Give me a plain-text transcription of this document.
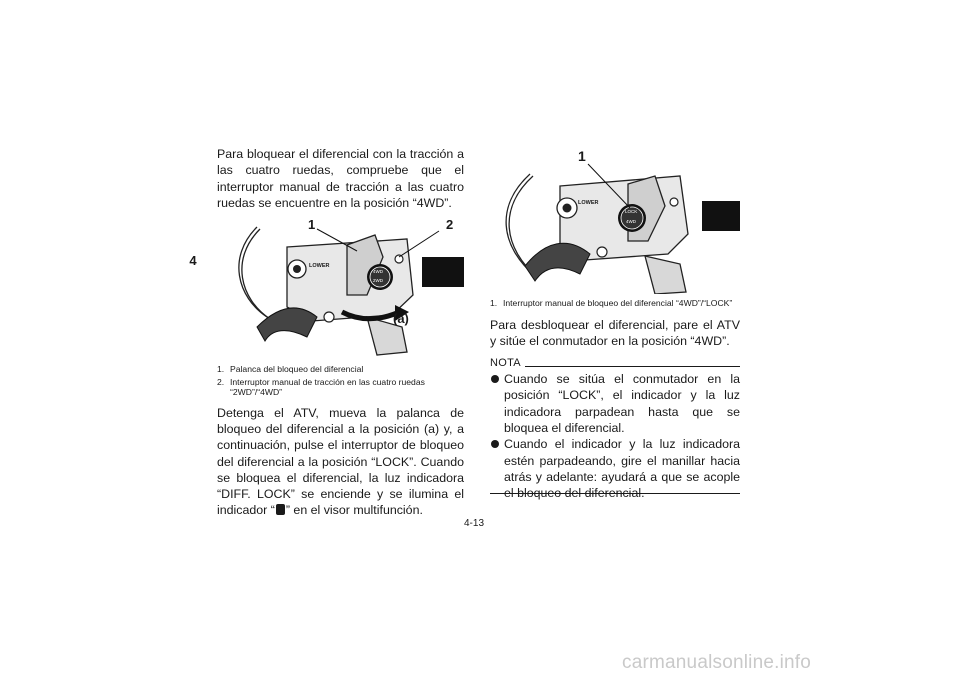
4

Para bloquear el diferencial con la tracción a las cuatro ruedas, compruebe que el interruptor manual de tracción a las cuatro ruedas se encuentre en la posición “4WD”.

1	2
(a)
LOWER
4WD
2WD
1. Palanca del bloqueo del diferencial
2. Interruptor manual de tracción en las cuatro ruedas “2WD”/“4WD”

Detenga el ATV, mueva la palanca de bloqueo del diferencial a la posición (a) y, a continuación, pulse el interruptor de bloqueo del diferencial a la posición “LOCK”. Cuando se bloquea el diferencial, la luz indicadora “DIFF. LOCK” se enciende y se ilumina el indicador “ ” en el visor multifunción.

1
LOWER
LOCK
4WD
1. Interruptor manual de bloqueo del diferencial “4WD”/“LOCK”

Para desbloquear el diferencial, pare el ATV y sitúe el conmutador en la posición “4WD”.

NOTA
Cuando se sitúa el conmutador en la posición “LOCK”, el indicador y la luz indicadora parpadean hasta que se bloquea el diferencial.
Cuando el indicador y la luz indicadora estén parpadeando, gire el manillar hacia atrás y adelante: ayudará a que se acople el bloqueo del diferencial.
4-13
carmanualsonline.info
